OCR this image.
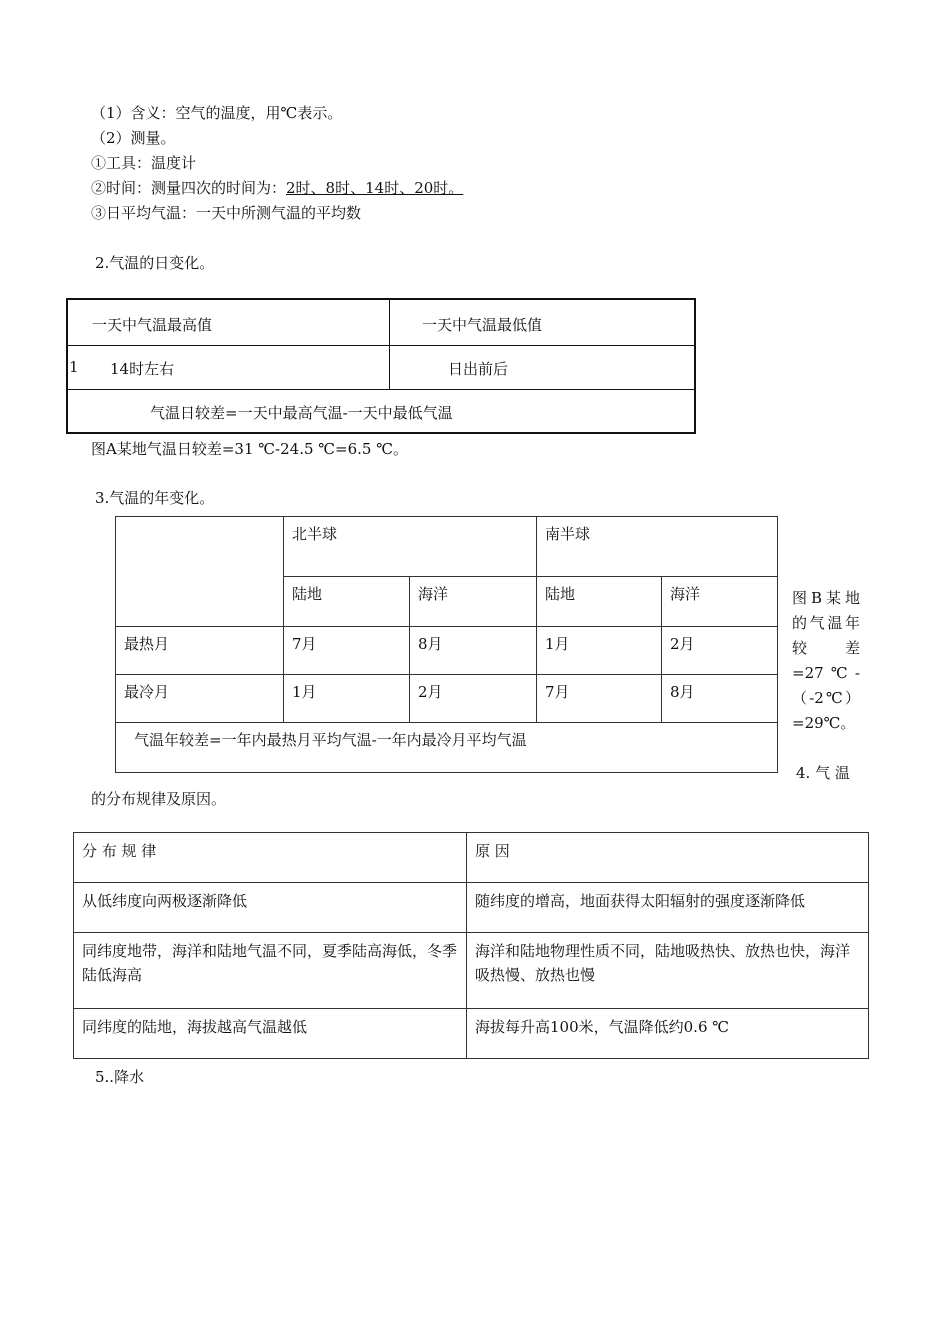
（1）含义：空气的温度，用℃表示。
（2）测量。
①工具：温度计
②时间：测量四次的时间为：2时、8时、14时、20时。
③日平均气温：一天中所测气温的平均数
2.气温的日变化。
一天中气温最高值	一天中气温最低值

1 14时左右	日出前后
气温日较差=一天中最高气温-一天中最低气温	
图A某地气温日较差=31 ℃-24.5 ℃=6.5 ℃。
3.气温的年变化。
	北半球		南半球	
	陆地	海洋	陆地	海洋
最热月	7月	8月	1月	2月
最冷月	1月	2月	7月	8月
气温年较差=一年内最热月平均气温-一年内最冷月平均气温				
图B某地的气温年较差=27℃-（-2℃）=29℃。
4. 气 温
的分布规律及原因。
分 布 规 律	原 因
从低纬度向两极逐渐降低	随纬度的增高，地面获得太阳辐射的强度逐渐降低
同纬度地带，海洋和陆地气温不同，夏季陆高海低，冬季陆低海高	海洋和陆地物理性质不同，陆地吸热快、放热也快，海洋吸热慢、放热也慢
同纬度的陆地，海拔越高气温越低	海拔每升高100米，气温降低约0.6 ℃
5..降水
